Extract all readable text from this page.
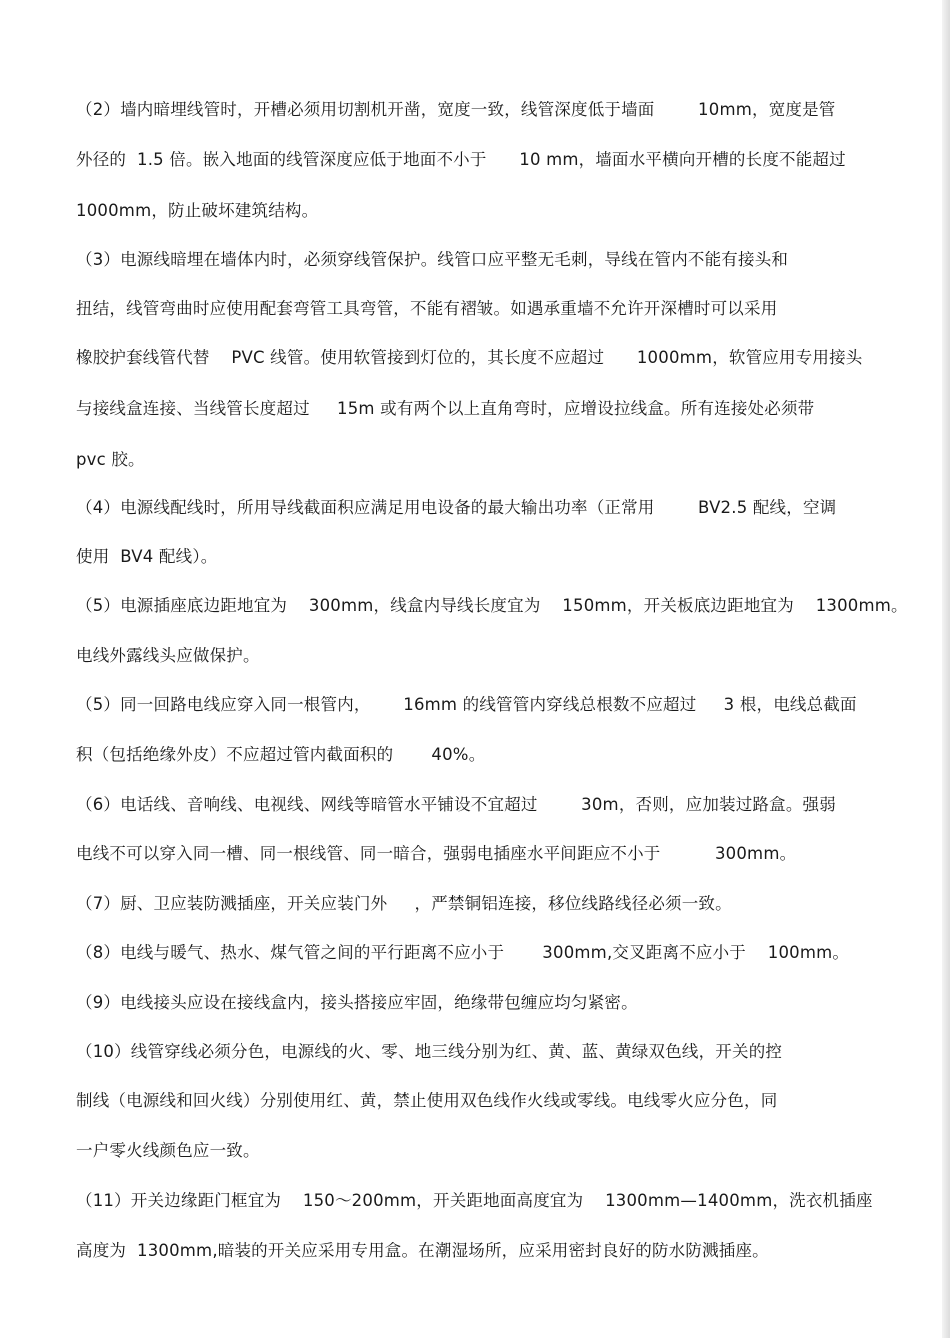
（2）墙内暗埋线管时，开槽必须用切割机开凿，宽度一致，线管深度低于墙面        10mm，宽度是管
外径的  1.5 倍。嵌入地面的线管深度应低于地面不小于      10 mm，墙面水平横向开槽的长度不能超过
1000mm，防止破坏建筑结构。
（3）电源线暗埋在墙体内时，必须穿线管保护。线管口应平整无毛刺，导线在管内不能有接头和
扭结，线管弯曲时应使用配套弯管工具弯管，不能有褶皱。如遇承重墙不允许开深槽时可以采用
橡胶护套线管代替    PVC 线管。使用软管接到灯位的，其长度不应超过      1000mm，软管应用专用接头
与接线盒连接、当线管长度超过     15m 或有两个以上直角弯时，应增设拉线盒。所有连接处必须带
pvc 胶。
（4）电源线配线时，所用导线截面积应满足用电设备的最大输出功率（正常用        BV2.5 配线，空调
使用  BV4 配线）。
（5）电源插座底边距地宜为    300mm，线盒内导线长度宜为    150mm，开关板底边距地宜为    1300mm。
电线外露线头应做保护。
（5）同一回路电线应穿入同一根管内，      16mm 的线管管内穿线总根数不应超过     3 根，电线总截面
积（包括绝缘外皮）不应超过管内截面积的       40%。
（6）电话线、音响线、电视线、网线等暗管水平铺设不宜超过        30m，否则，应加装过路盒。强弱
电线不可以穿入同一槽、同一根线管、同一暗合，强弱电插座水平间距应不小于          300mm。
（7）厨、卫应装防溅插座，开关应装门外     ，严禁铜铝连接，移位线路线径必须一致。
（8）电线与暖气、热水、煤气管之间的平行距离不应小于       300mm,交叉距离不应小于    100mm。
（9）电线接头应设在接线盒内，接头搭接应牢固，绝缘带包缠应均匀紧密。
（10）线管穿线必须分色，电源线的火、零、地三线分别为红、黄、蓝、黄绿双色线，开关的控
制线（电源线和回火线）分别使用红、黄，禁止使用双色线作火线或零线。电线零火应分色，同
一户零火线颜色应一致。
（11）开关边缘距门框宜为    150～200mm，开关距地面高度宜为    1300mm—1400mm，洗衣机插座
高度为  1300mm,暗装的开关应采用专用盒。在潮湿场所，应采用密封良好的防水防溅插座。
